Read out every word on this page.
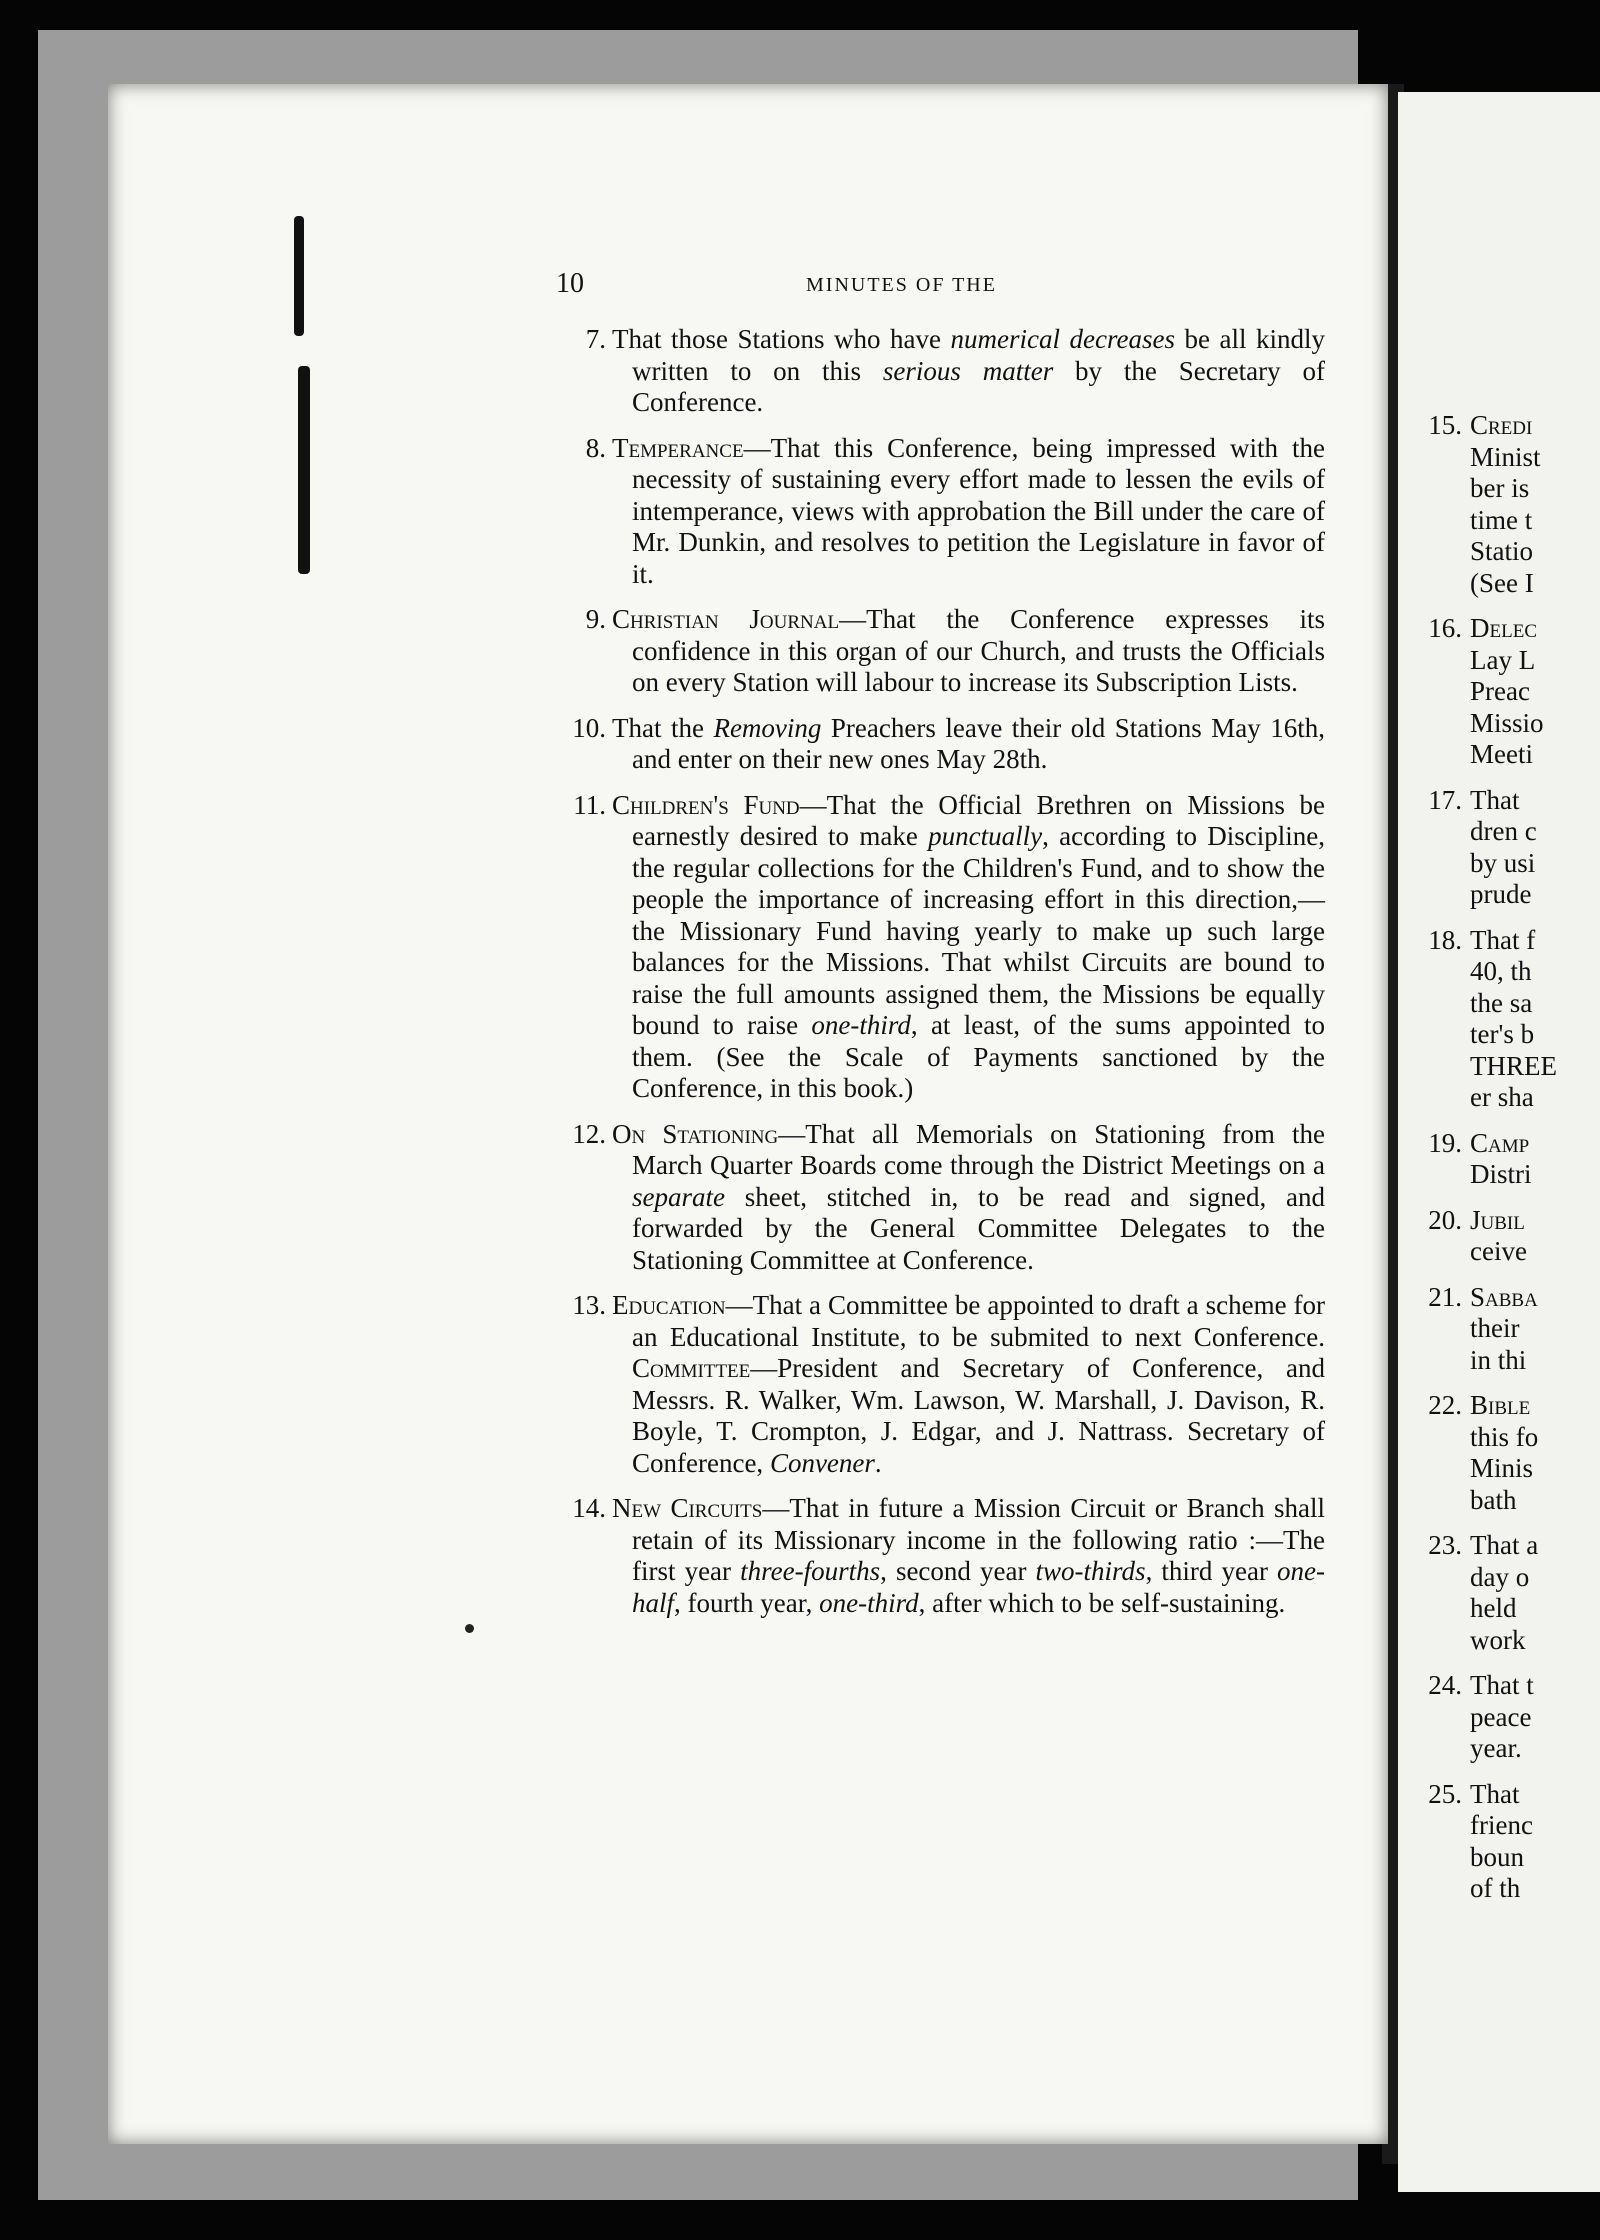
15. Credi
Minist
ber is
time t
Statio
(See I
16. Delec
Lay L
Preac
Missio
Meeti
17. That
dren c
by usi
prude
18. That f
40, th
the sa
ter's b
THREE
er sha
19. Camp
Distri
20. Jubil
ceive
21. Sabba
their
in thi
22. Bible
this fo
Minis
bath
23. That a
day o
held
work
24. That t
peace
year.
25. That
frienc
boun
of th
10	MINUTES OF THE
7. That those Stations who have numerical decreases be all kindly written to on this serious matter by the Secretary of Conference.
8. Temperance—That this Conference, being impressed with the necessity of sustaining every effort made to lessen the evils of intemperance, views with approbation the Bill under the care of Mr. Dunkin, and resolves to petition the Legislature in favor of it.
9. Christian Journal—That the Conference expresses its confidence in this organ of our Church, and trusts the Officials on every Station will labour to increase its Subscription Lists.
10. That the Removing Preachers leave their old Stations May 16th, and enter on their new ones May 28th.
11. Children's Fund—That the Official Brethren on Missions be earnestly desired to make punctually, according to Discipline, the regular collections for the Children's Fund, and to show the people the importance of increasing effort in this direction,—the Missionary Fund having yearly to make up such large balances for the Missions. That whilst Circuits are bound to raise the full amounts assigned them, the Missions be equally bound to raise one-third, at least, of the sums appointed to them. (See the Scale of Payments sanctioned by the Conference, in this book.)
12. On Stationing—That all Memorials on Stationing from the March Quarter Boards come through the District Meetings on a separate sheet, stitched in, to be read and signed, and forwarded by the General Committee Delegates to the Stationing Committee at Conference.
13. Education—That a Committee be appointed to draft a scheme for an Educational Institute, to be submited to next Conference. Committee—President and Secretary of Conference, and Messrs. R. Walker, Wm. Lawson, W. Marshall, J. Davison, R. Boyle, T. Crompton, J. Edgar, and J. Nattrass. Secretary of Conference, Convener.
14. New Circuits—That in future a Mission Circuit or Branch shall retain of its Missionary income in the following ratio :—The first year three-fourths, second year two-thirds, third year one-half, fourth year, one-third, after which to be self-sustaining.
